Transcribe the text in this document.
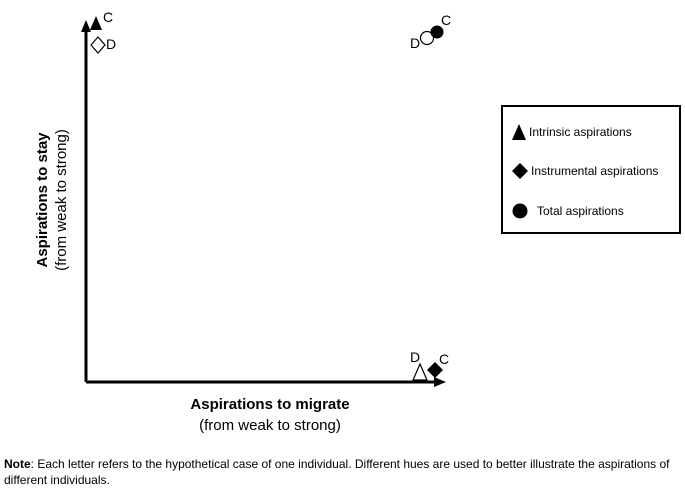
C
D
C
D
D C
Aspirations to stay (from weak to strong)
Aspirations to migrate
(from weak to strong)
Intrinsic aspirations
Instrumental aspirations
Total aspirations
Note: Each letter refers to the hypothetical case of one individual. Different hues are used to better illustrate the aspirations of different individuals.
